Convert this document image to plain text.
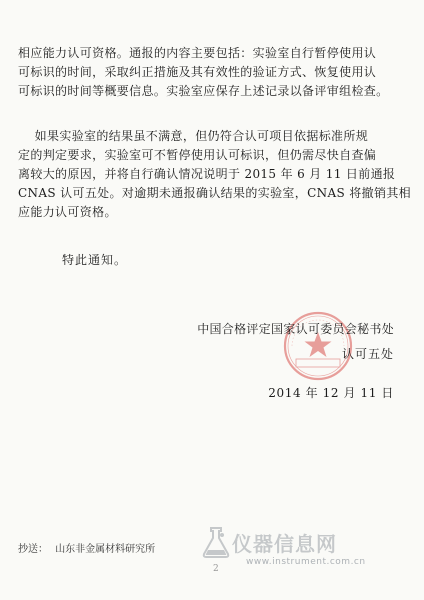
相应能力认可资格。通报的内容主要包括：实验室自行暂停使用认
可标识的时间，采取纠正措施及其有效性的验证方式、恢复使用认
可标识的时间等概要信息。实验室应保存上述记录以备评审组检查。
如果实验室的结果虽不满意，但仍符合认可项目依据标准所规
定的判定要求，实验室可不暂停使用认可标识，但仍需尽快自查偏
离较大的原因，并将自行确认情况说明于 2015 年 6 月 11 日前通报
CNAS 认可五处。对逾期未通报确认结果的实验室，CNAS 将撤销其相
应能力认可资格。
特此通知。
中国合格评定国家认可委员会秘书处
认可五处
2014 年 12 月 11 日
抄送： 山东非金属材料研究所	仪器信息网
www.instrument.com.cn
2
